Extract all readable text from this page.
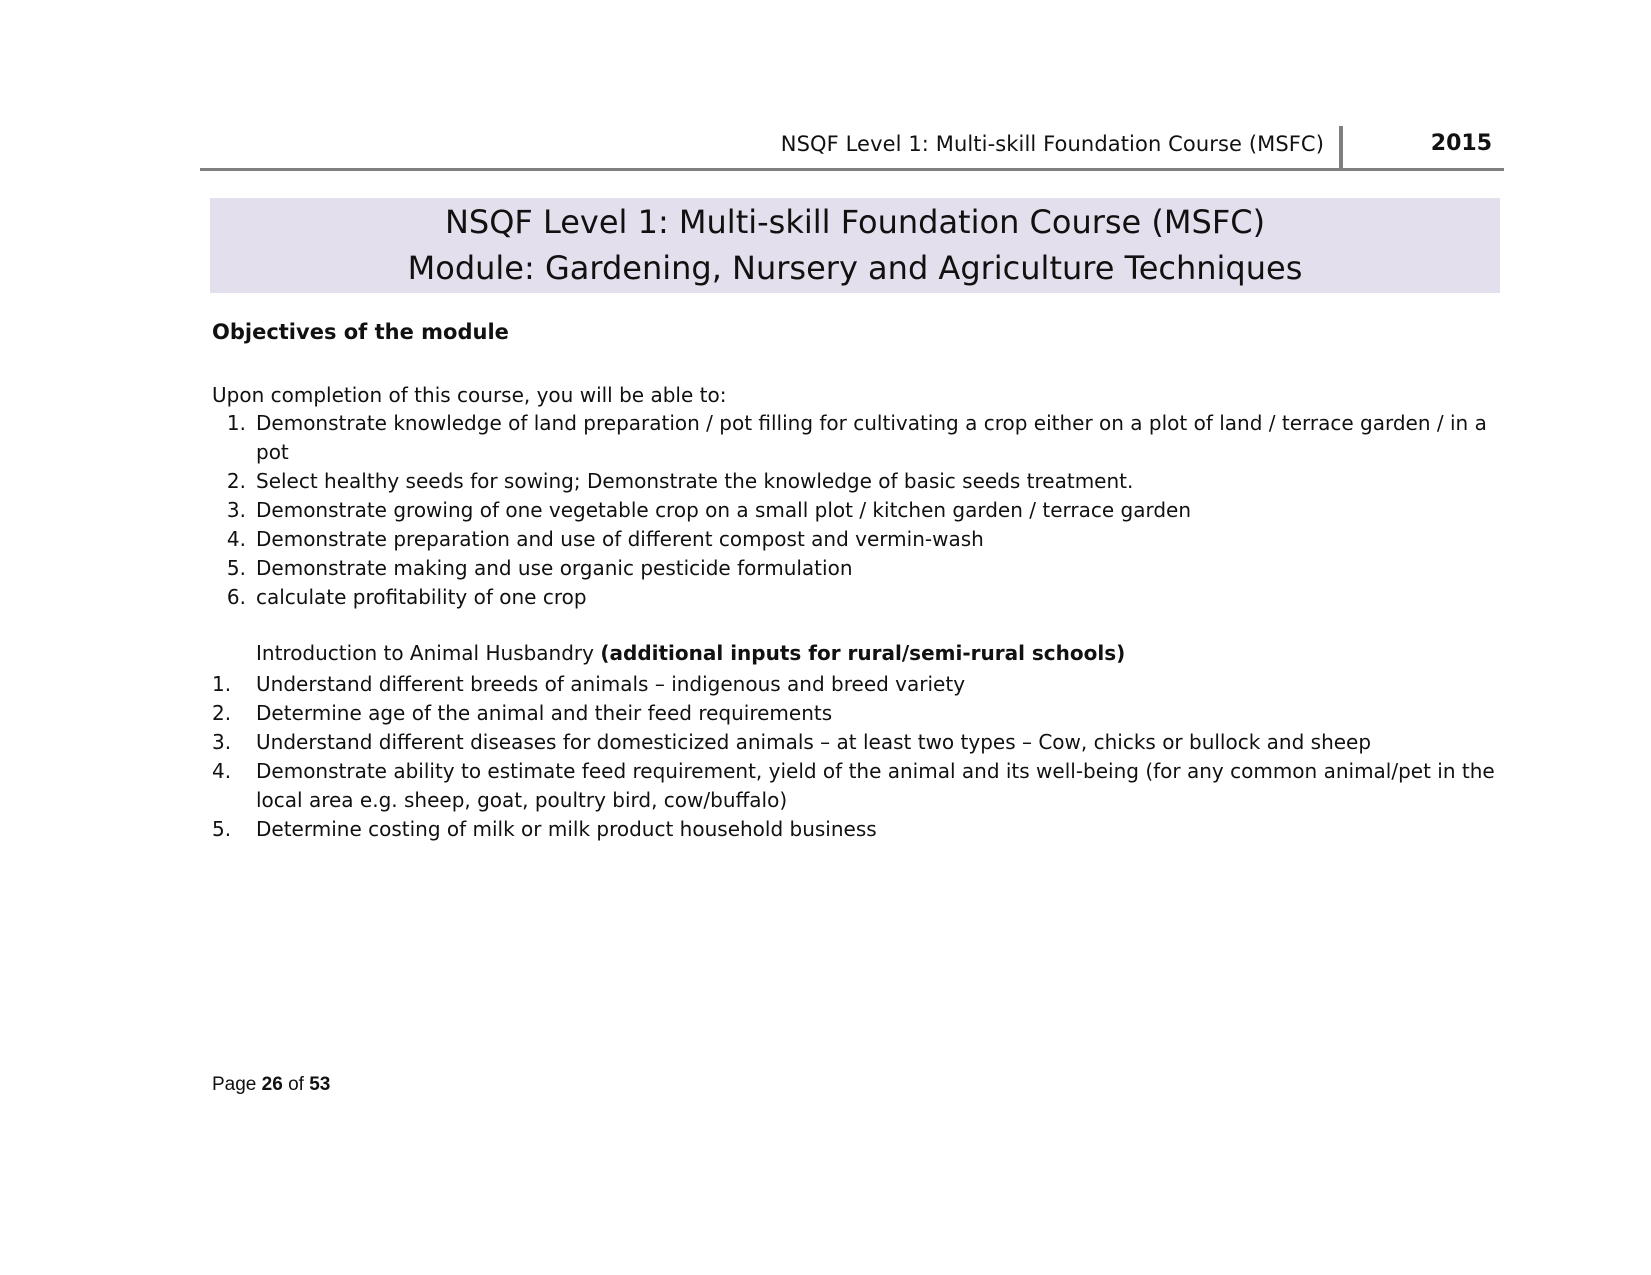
NSQF Level 1: Multi-skill Foundation Course (MSFC)	2015
NSQF Level 1: Multi-skill Foundation Course (MSFC)
Module: Gardening, Nursery and Agriculture Techniques
Objectives of the module
Upon completion of this course, you will be able to:
1. Demonstrate knowledge of land preparation / pot filling for cultivating a crop either on a plot of land / terrace garden / in a pot
2. Select healthy seeds for sowing; Demonstrate the knowledge of basic seeds treatment.
3. Demonstrate growing of one vegetable crop on a small plot / kitchen garden / terrace garden
4. Demonstrate preparation and use of different compost and vermin-wash
5. Demonstrate making and use organic pesticide formulation
6. calculate profitability of one crop
Introduction to Animal Husbandry (additional inputs for rural/semi-rural schools)
1.	Understand different breeds of animals – indigenous and breed variety
2.	Determine age of the animal and their feed requirements
3.	Understand different diseases for domesticized animals – at least two types – Cow, chicks or bullock and sheep
4.	Demonstrate ability to estimate feed requirement, yield of the animal and its well-being (for any common animal/pet in the local area e.g. sheep, goat, poultry bird, cow/buffalo)
5.	Determine costing of milk or milk product household business
Page 26 of 53
